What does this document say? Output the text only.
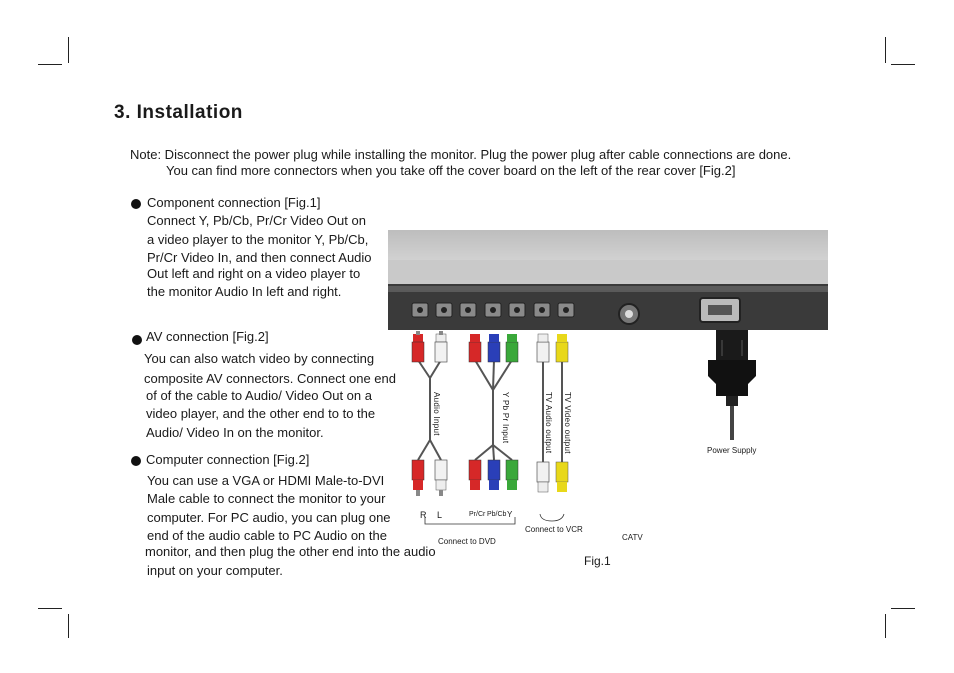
3. Installation
Note: Disconnect the power plug while installing the monitor. Plug the power plug after cable connections are done.
You can find more connectors when you take off the cover board on the left of the rear cover [Fig.2]
Component connection [Fig.1]
Connect Y, Pb/Cb, Pr/Cr Video Out on
a video player to the monitor Y, Pb/Cb,
Pr/Cr Video In, and then connect Audio
Out left and right on a video player to
the monitor Audio In left and right.
AV connection [Fig.2]
You can also watch video by connecting
composite AV connectors. Connect one end
of of the cable to Audio/ Video Out on a
video player, and the other end to to the
Audio/ Video In on the monitor.
Computer connection [Fig.2]
You can use a VGA or HDMI Male-to-DVI
Male cable to connect the monitor to your
computer. For PC audio, you can plug one
end of the audio cable to PC Audio on the
monitor, and then plug the other end into the audio
input on your computer.
Audio Input	Y Pb Pr Input	TV Audio output TV Video output
R L	Pr/Cr Pb/Cb Y
Connect to DVD
Connect to VCR
CATV
Power Supply
Fig.1
